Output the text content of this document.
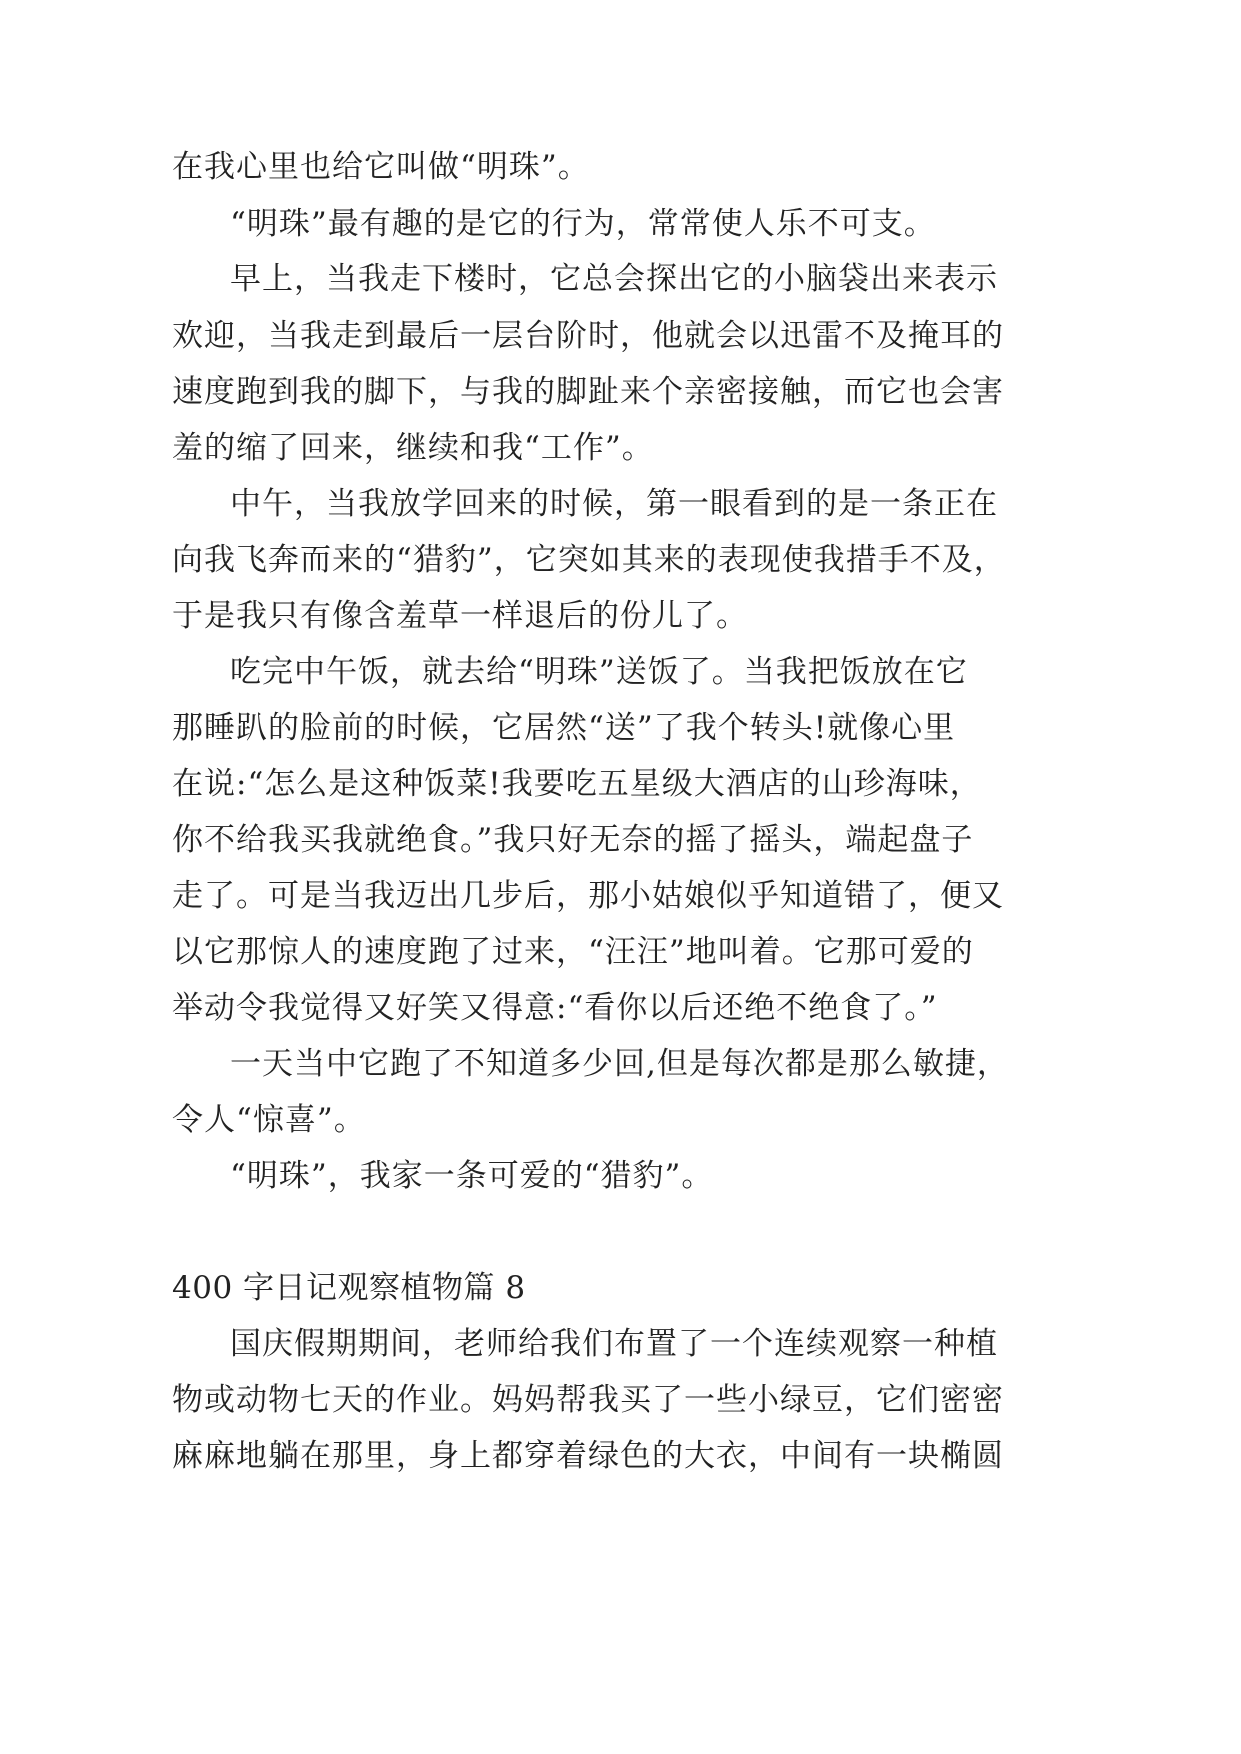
在我心里也给它叫做“明珠”。

“明珠”最有趣的是它的行为，常常使人乐不可支。

早上，当我走下楼时，它总会探出它的小脑袋出来表示

欢迎，当我走到最后一层台阶时，他就会以迅雷不及掩耳的

速度跑到我的脚下，与我的脚趾来个亲密接触，而它也会害

羞的缩了回来，继续和我“工作”。

中午，当我放学回来的时候，第一眼看到的是一条正在

向我飞奔而来的“猎豹”，它突如其来的表现使我措手不及，

于是我只有像含羞草一样退后的份儿了。

吃完中午饭，就去给“明珠”送饭了。当我把饭放在它

那睡趴的脸前的时候，它居然“送”了我个转头!就像心里

在说:“怎么是这种饭菜!我要吃五星级大酒店的山珍海味，

你不给我买我就绝食。”我只好无奈的摇了摇头，端起盘子

走了。可是当我迈出几步后，那小姑娘似乎知道错了，便又

以它那惊人的速度跑了过来，“汪汪”地叫着。它那可爱的

举动令我觉得又好笑又得意:“看你以后还绝不绝食了。”

一天当中它跑了不知道多少回,但是每次都是那么敏捷，

令人“惊喜”。

“明珠”，我家一条可爱的“猎豹”。

400 字日记观察植物篇 8

国庆假期期间，老师给我们布置了一个连续观察一种植

物或动物七天的作业。妈妈帮我买了一些小绿豆，它们密密

麻麻地躺在那里，身上都穿着绿色的大衣，中间有一块椭圆
